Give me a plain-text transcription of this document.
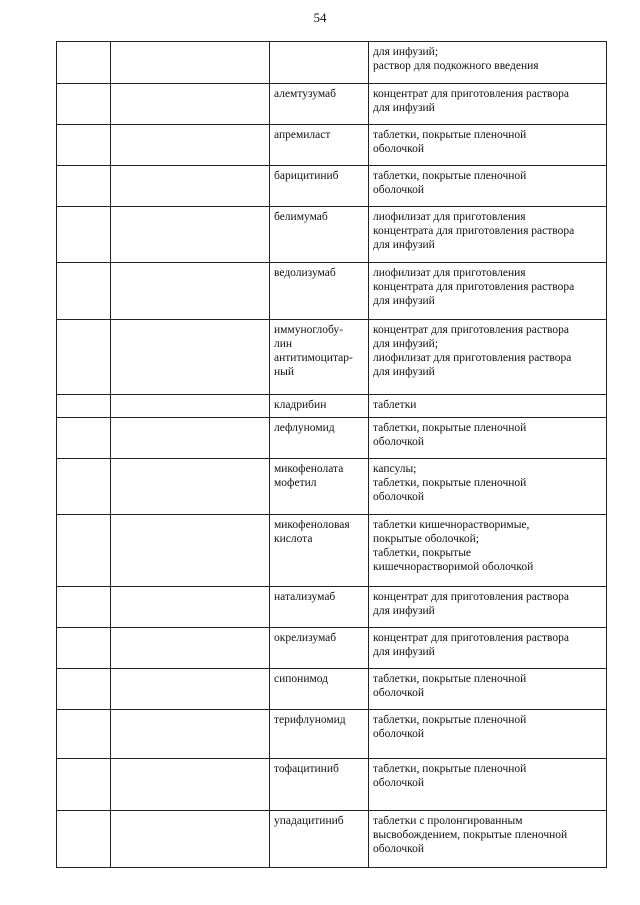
54
			для инфузий;
раствор для подкожного введения
		алемтузумаб	концентрат для приготовления раствора
для инфузий
		апремиласт	таблетки, покрытые пленочной
оболочкой
		барицитиниб	таблетки, покрытые пленочной
оболочкой
		белимумаб	лиофилизат для приготовления
концентрата для приготовления раствора
для инфузий
		ведолизумаб	лиофилизат для приготовления
концентрата для приготовления раствора
для инфузий
		иммуноглобу-
лин
антитимоцитар-
ный	концентрат для приготовления раствора
для инфузий;
лиофилизат для приготовления раствора
для инфузий
		кладрибин	таблетки
		лефлуномид	таблетки, покрытые пленочной
оболочкой
		микофенолата
мофетил	капсулы;
таблетки, покрытые пленочной
оболочкой
		микофеноловая
кислота	таблетки кишечнорастворимые,
покрытые оболочкой;
таблетки, покрытые
кишечнорастворимой оболочкой
		натализумаб	концентрат для приготовления раствора
для инфузий
		окрелизумаб	концентрат для приготовления раствора
для инфузий
		сипонимод	таблетки, покрытые пленочной
оболочкой
		терифлуномид	таблетки, покрытые пленочной
оболочкой
		тофацитиниб	таблетки, покрытые пленочной
оболочкой
		упадацитиниб	таблетки с пролонгированным
высвобождением, покрытые пленочной
оболочкой
